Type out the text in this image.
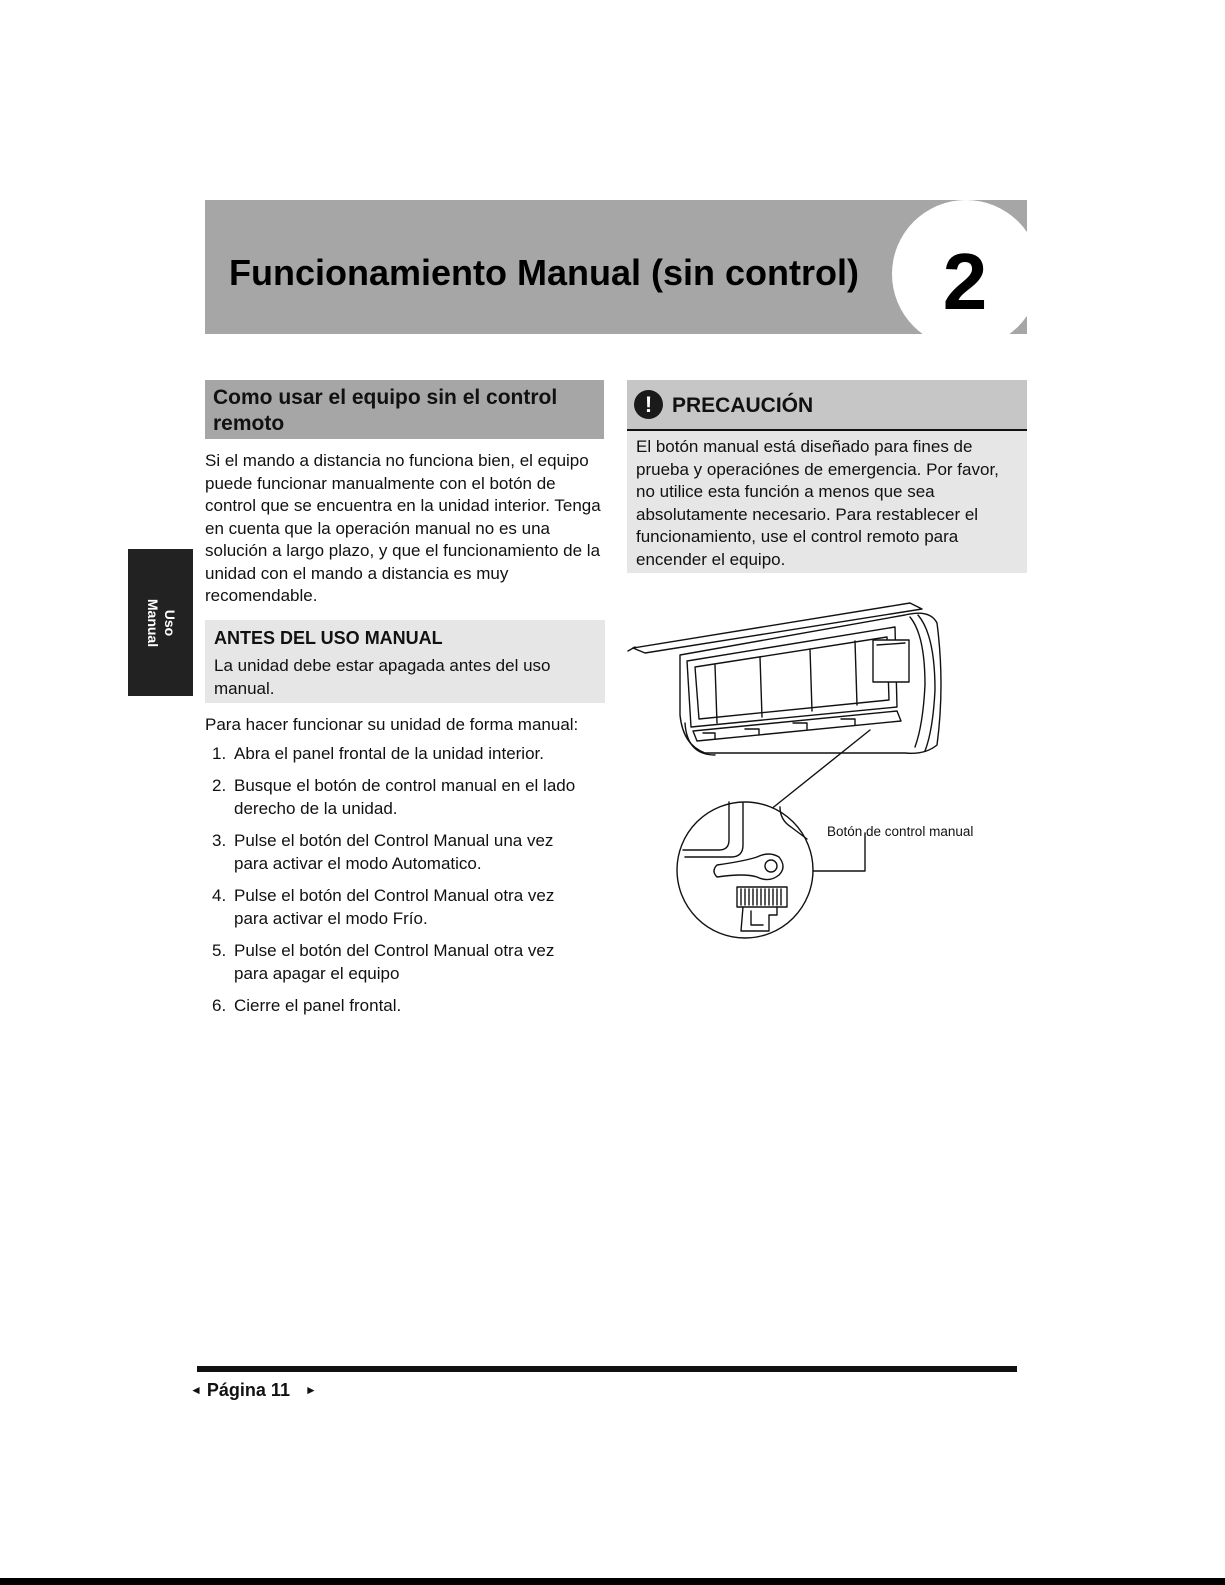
Funcionamiento Manual (sin control)	2
Uso
Manual
Como usar el equipo sin el control remoto

Si el mando a distancia no funciona bien, el equipo puede funcionar manualmente con el botón de control que se encuentra en la unidad interior. Tenga en cuenta que la operación manual no es una solución a largo plazo, y que el funcionamiento de la unidad con el mando a distancia es muy recomendable.

ANTES DEL USO MANUAL

La unidad debe estar apagada antes del uso manual.

Para hacer funcionar su unidad de forma manual:

1. Abra el panel frontal de la unidad interior.
2. Busque el botón de control manual en el lado derecho de la unidad.
3. Pulse el botón del Control Manual una vez para activar el modo Automatico.
4. Pulse el botón del Control Manual otra vez para activar el modo Frío.
5. Pulse el botón del Control Manual otra vez para apagar el equipo
6. Cierre el panel frontal.
! PRECAUCIÓN

El botón manual está diseñado para fines de prueba y operaciónes de emergencia. Por favor, no utilice esta función a menos que sea absolutamente necesario. Para restablecer el funcionamiento, use el control remoto para encender el equipo.

Botón de control manual

◄ Página 11 ►
